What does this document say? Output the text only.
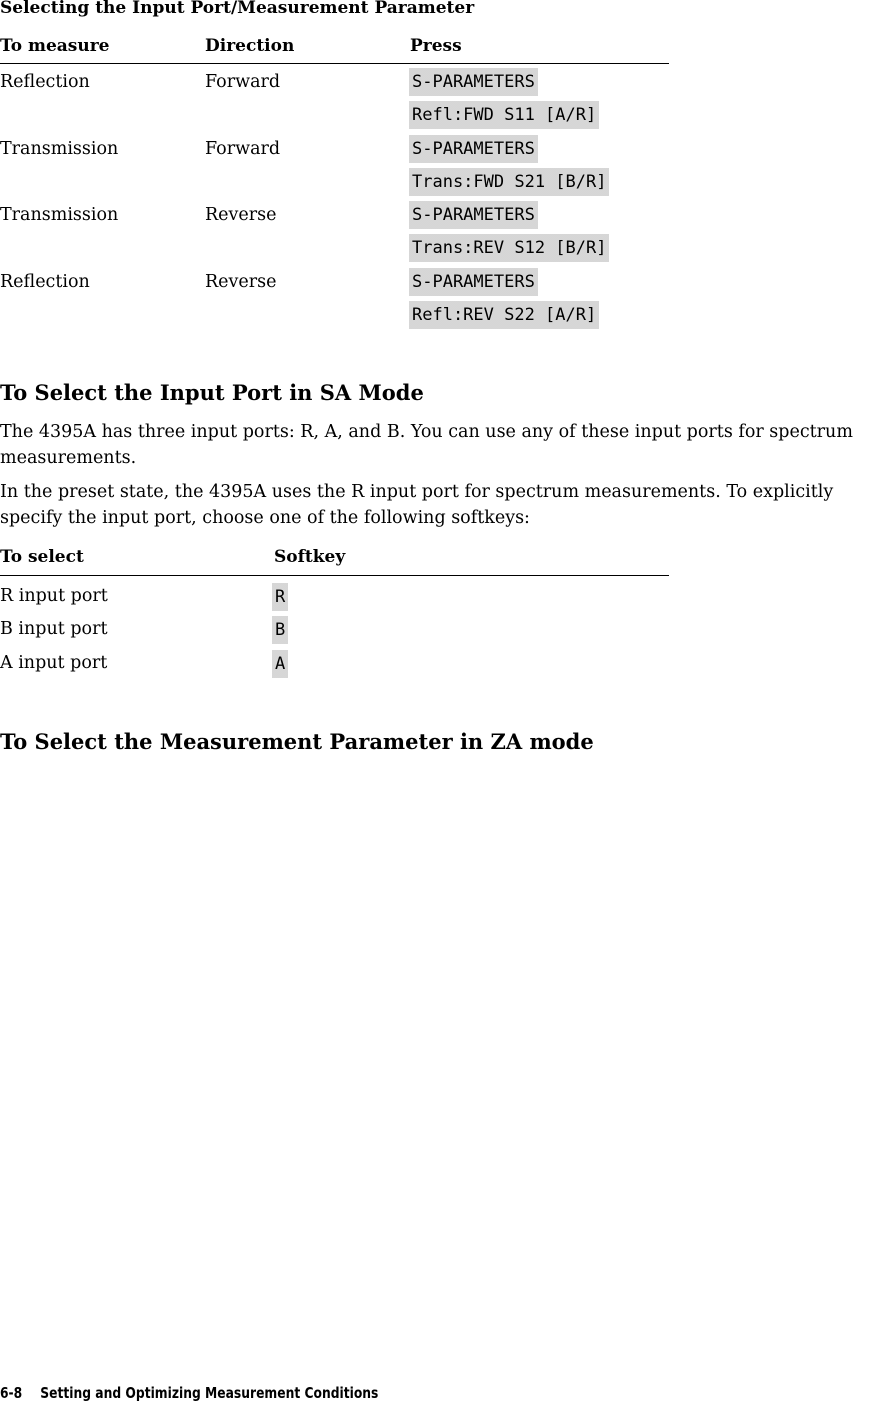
Selecting the Input Port/Measurement Parameter
To measure	Direction	Press
Reflection	Forward	S-PARAMETERS
Refl:FWD S11 [A/R]
Transmission	Forward	S-PARAMETERS
Trans:FWD S21 [B/R]
Transmission	Reverse	S-PARAMETERS
Trans:REV S12 [B/R]
Reflection	Reverse	S-PARAMETERS
Refl:REV S22 [A/R]
To Select the Input Port in SA Mode
The 4395A has three input ports: R, A, and B. You can use any of these input ports for spectrum measurements.
In the preset state, the 4395A uses the R input port for spectrum measurements. To explicitly specify the input port, choose one of the following softkeys:
To select	Softkey
R input port	R
B input port	B
A input port	A
To Select the Measurement Parameter in ZA mode
6-8 Setting and Optimizing Measurement Conditions
